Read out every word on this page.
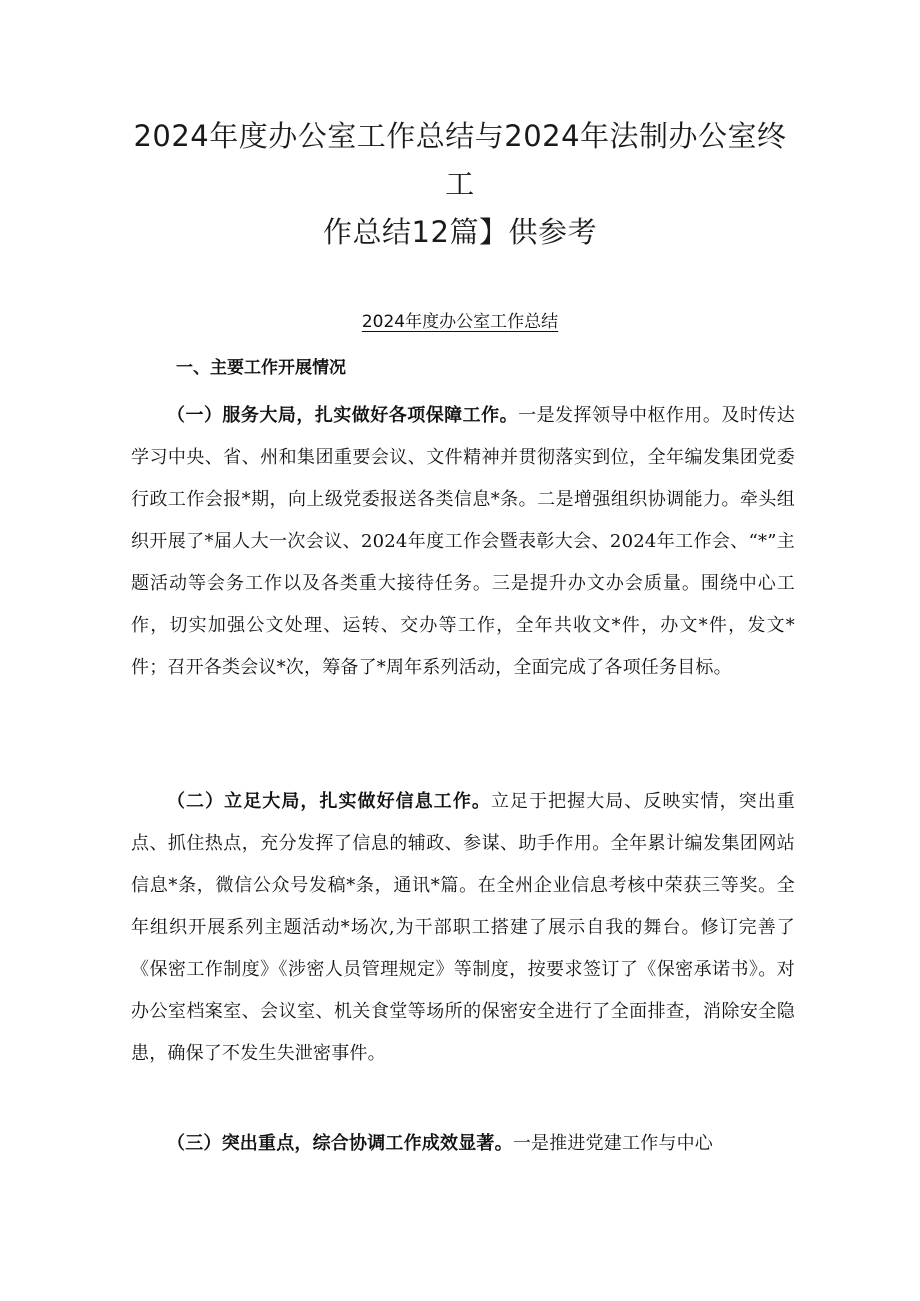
2024年度办公室工作总结与2024年法制办公室终工
作总结12篇】供参考
2024年度办公室工作总结
一、主要工作开展情况

（一）服务大局，扎实做好各项保障工作。一是发挥领导中枢作用。及时传达学习中央、省、州和集团重要会议、文件精神并贯彻落实到位，全年编发集团党委行政工作会报*期，向上级党委报送各类信息*条。二是增强组织协调能力。牵头组织开展了*届人大一次会议、2024年度工作会暨表彰大会、2024年工作会、“*”主题活动等会务工作以及各类重大接待任务。三是提升办文办会质量。围绕中心工作，切实加强公文处理、运转、交办等工作，全年共收文*件，办文*件，发文*件；召开各类会议*次，筹备了*周年系列活动，全面完成了各项任务目标。

（二）立足大局，扎实做好信息工作。立足于把握大局、反映实情，突出重点、抓住热点，充分发挥了信息的辅政、参谋、助手作用。全年累计编发集团网站信息*条，微信公众号发稿*条，通讯*篇。在全州企业信息考核中荣获三等奖。全年组织开展系列主题活动*场次,为干部职工搭建了展示自我的舞台。修订完善了《保密工作制度》《涉密人员管理规定》等制度，按要求签订了《保密承诺书》。对办公室档案室、会议室、机关食堂等场所的保密安全进行了全面排查，消除安全隐患，确保了不发生失泄密事件。

（三）突出重点，综合协调工作成效显著。一是推进党建工作与中心
